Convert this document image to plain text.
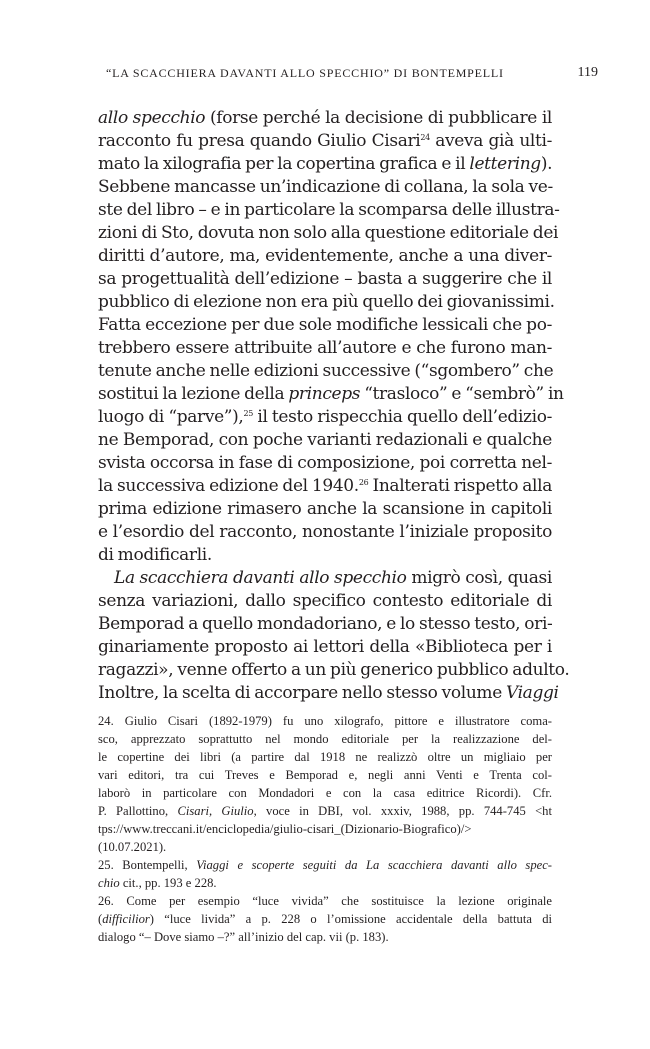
“LA SCACCHIERA DAVANTI ALLO SPECCHIO” DI BONTEMPELLI	119
allo specchio (forse perché la decisione di pubblicare il
racconto fu presa quando Giulio Cisari$^{24}$ aveva già ulti-
mato la xilografia per la copertina grafica e il lettering).
Sebbene mancasse un’indicazione di collana, la sola ve-
ste del libro – e in particolare la scomparsa delle illustra-
zioni di Sto, dovuta non solo alla questione editoriale dei
diritti d’autore, ma, evidentemente, anche a una diver-
sa progettualità dell’edizione – basta a suggerire che il
pubblico di elezione non era più quello dei giovanissimi.
Fatta eccezione per due sole modifiche lessicali che po-
trebbero essere attribuite all’autore e che furono man-
tenute anche nelle edizioni successive (“sgombero” che
sostitui la lezione della princeps “trasloco” e “sembrò” in
luogo di “parve”),$^{25}$ il testo rispecchia quello dell’edizio-
ne Bemporad, con poche varianti redazionali e qualche
svista occorsa in fase di composizione, poi corretta nel-
la successiva edizione del 1940.26 Inalterati rispetto alla
prima edizione rimasero anche la scansione in capitoli
e l’esordio del racconto, nonostante l’iniziale proposito
di modificarli.
La scacchiera davanti allo specchio migrò così, quasi
senza variazioni, dallo specifico contesto editoriale di
Bemporad a quello mondadoriano, e lo stesso testo, ori-
ginariamente proposto ai lettori della «Biblioteca per i
ragazzi», venne offerto a un più generico pubblico adulto.
Inoltre, la scelta di accorpare nello stesso volume Viaggi
24. Giulio Cisari (1892-1979) fu uno xilografo, pittore e illustratore coma-
sco, apprezzato soprattutto nel mondo editoriale per la realizzazione del-
le copertine dei libri (a partire dal 1918 ne realizzò oltre un migliaio per
vari editori, tra cui Treves e Bemporad e, negli anni Venti e Trenta col-
laborò in particolare con Mondadori e con la casa editrice Ricordi). Cfr.
P. Pallottino, Cisari, Giulio, voce in DBI, vol. xxxiv, 1988, pp. 744-745 <ht
tps://www.treccani.it/enciclopedia/giulio-cisari_(Dizionario-Biografico)/>
(10.07.2021).
25. Bontempelli, Viaggi e scoperte seguiti da La scacchiera davanti allo spec-
chio cit., pp. 193 e 228.
26. Come per esempio “luce vivida” che sostituisce la lezione originale
(difficilior) “luce livida” a p. 228 o l’omissione accidentale della battuta di
dialogo “– Dove siamo –?” all’inizio del cap. vii (p. 183).
